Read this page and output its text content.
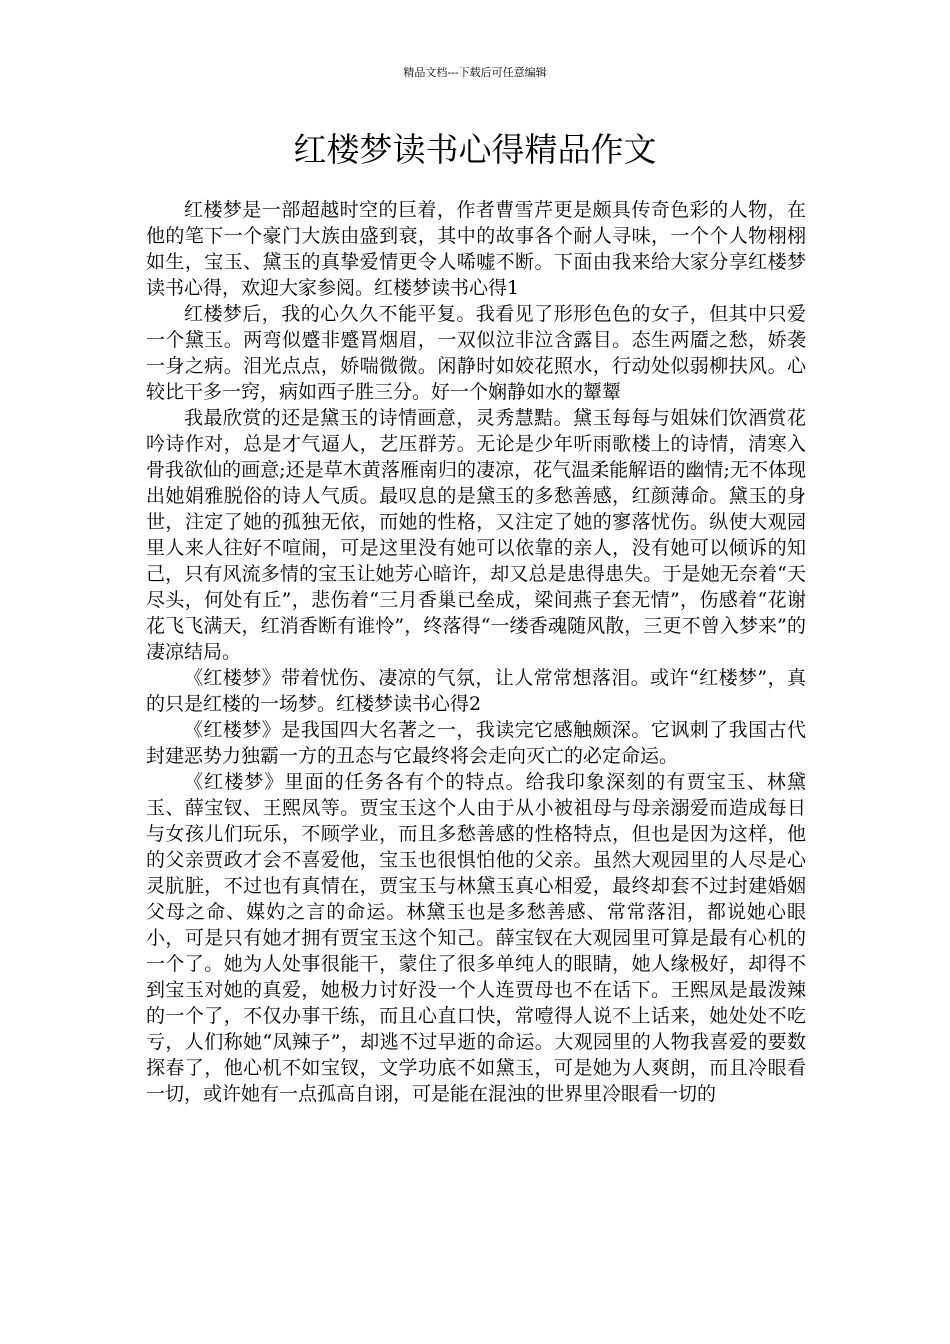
精品文档---下载后可任意编辑
红楼梦读书心得精品作文

红楼梦是一部超越时空的巨着，作者曹雪芹更是颇具传奇色彩的人物，在他的笔下一个豪门大族由盛到衰，其中的故事各个耐人寻味，一个个人物栩栩如生，宝玉、黛玉的真挚爱情更令人唏嘘不断。下面由我来给大家分享红楼梦读书心得，欢迎大家参阅。红楼梦读书心得1

红楼梦后，我的心久久不能平复。我看见了形形色色的女子，但其中只爱一个黛玉。两弯似蹙非蹙罥烟眉，一双似泣非泣含露目。态生两靥之愁，娇袭一身之病。泪光点点，娇喘微微。闲静时如姣花照水，行动处似弱柳扶风。心较比干多一窍，病如西子胜三分。好一个娴静如水的颦颦

我最欣赏的还是黛玉的诗情画意，灵秀慧黠。黛玉每每与姐妹们饮酒赏花吟诗作对，总是才气逼人，艺压群芳。无论是少年听雨歌楼上的诗情，清寒入骨我欲仙的画意;还是草木黄落雁南归的凄凉，花气温柔能解语的幽情;无不体现出她娟雅脱俗的诗人气质。最叹息的是黛玉的多愁善感，红颜薄命。黛玉的身世，注定了她的孤独无依，而她的性格，又注定了她的寥落忧伤。纵使大观园里人来人往好不喧闹，可是这里没有她可以依靠的亲人，没有她可以倾诉的知己，只有风流多情的宝玉让她芳心暗许，却又总是患得患失。于是她无奈着“天尽头，何处有丘”，悲伤着“三月香巢已垒成，梁间燕子套无情”，伤感着“花谢花飞飞满天，红消香断有谁怜”，终落得“一缕香魂随风散，三更不曾入梦来”的凄凉结局。

《红楼梦》带着忧伤、凄凉的气氛，让人常常想落泪。或许“红楼梦”，真的只是红楼的一场梦。红楼梦读书心得2

《红楼梦》是我国四大名著之一，我读完它感触颇深。它讽刺了我国古代封建恶势力独霸一方的丑态与它最终将会走向灭亡的必定命运。

《红楼梦》里面的任务各有个的特点。给我印象深刻的有贾宝玉、林黛玉、薛宝钗、王熙凤等。贾宝玉这个人由于从小被祖母与母亲溺爱而造成每日与女孩儿们玩乐，不顾学业，而且多愁善感的性格特点，但也是因为这样，他的父亲贾政才会不喜爱他，宝玉也很惧怕他的父亲。虽然大观园里的人尽是心灵肮脏，不过也有真情在，贾宝玉与林黛玉真心相爱，最终却套不过封建婚姻父母之命、媒妁之言的命运。林黛玉也是多愁善感、常常落泪，都说她心眼小，可是只有她才拥有贾宝玉这个知己。薛宝钗在大观园里可算是最有心机的一个了。她为人处事很能干，蒙住了很多单纯人的眼睛，她人缘极好，却得不到宝玉对她的真爱，她极力讨好没一个人连贾母也不在话下。王熙凤是最泼辣的一个了，不仅办事干练，而且心直口快，常噎得人说不上话来，她处处不吃亏，人们称她“凤辣子”，却逃不过早逝的命运。大观园里的人物我喜爱的要数探春了，他心机不如宝钗，文学功底不如黛玉，可是她为人爽朗，而且冷眼看一切，或许她有一点孤高自诩，可是能在混浊的世界里冷眼看一切的
